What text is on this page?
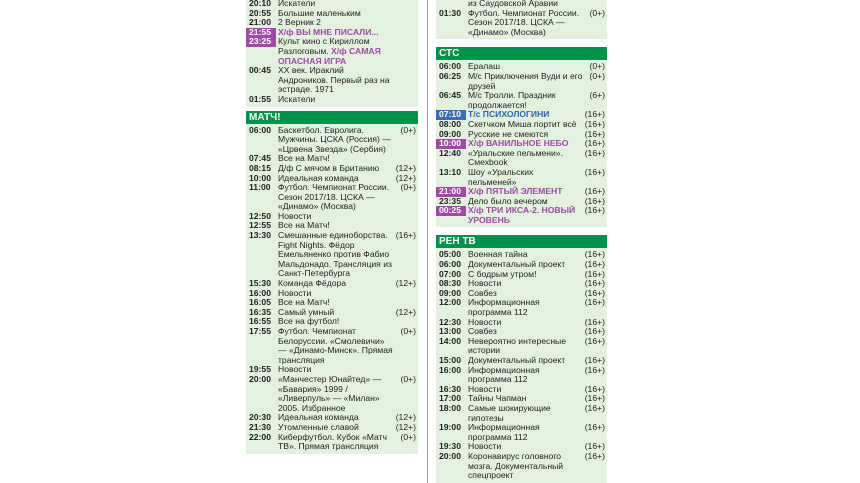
20:10 Искатели
20:55 Большие маленьким
21:00 2 Верник 2
21:55 Х/ф ВЫ МНЕ ПИСАЛИ...
23:25 Культ кино с Кириллом Разлоговым. Х/ф САМАЯ ОПАСНАЯ ИГРА
00:45 XX век. Ираклий Андроников. Первый раз на эстраде. 1971
01:55 Искатели
МАТЧ!
06:00 Баскетбол. Евролига. Мужчины. ЦСКА (Россия) — «Црвена Звезда» (Сербия)
(0+)
07:45 Все на Матч!
08:15 Д/ф С мячом в Британию	(12+)
10:00 Идеальная команда	(12+)
11:00 Футбол. Чемпионат России. Сезон 2017/18. ЦСКА — «Динамо» (Москва)
(0+)
12:50 Новости
12:55 Все на Матч!
13:30 Смешанные единоборства. Fight Nights. Фёдор Емельяненко против Фабио Мальдонадо. Трансляция из Санкт-Петербурга
(16+)
15:30 Команда Фёдора	(12+)
16:00 Новости
16:05 Все на Матч!
16:35 Самый умный	(12+)
16:55 Все на футбол!
17:55 Футбол. Чемпионат Белоруссии. «Смолевичи» — «Динамо-Минск». Прямая трансляция
(0+)
19:55 Новости
20:00 «Манчестер Юнайтед» — «Бавария» 1999 / «Ливерпуль» — «Милан» 2005. Избранное
(0+)
20:30 Идеальная команда	(12+)
21:30 Утомленные славой	(12+)
22:00 Киберфутбол. Кубок «Матч ТВ». Прямая трансляция
(0+)
из Саудовской Аравии
01:30 Футбол. Чемпионат России. Сезон 2017/18. ЦСКА — «Динамо» (Москва)
(0+)
СТС
06:00 Ералаш	(0+)
06:25 М/с Приключения Вуди и его друзей
(0+)
06:45 М/с Тролли. Праздник продолжается!
(6+)
07:10 Т/с ПСИХОЛОГИНИ	(16+)
08:00 Скетчком Миша портит всё (16+)
09:00 Русские не смеются	(16+)
10:00 Х/ф ВАНИЛЬНОЕ НЕБО	(16+)
12:40 «Уральские пельмени». Смехbook
(16+)
13:10 Шоу «Уральских пельменей»
(16+)
21:00 Х/ф ПЯТЫЙ ЭЛЕМЕНТ	(16+)
23:35 Дело было вечером	(16+)
00:25 Х/ф ТРИ ИКСА-2. НОВЫЙ УРОВЕНЬ
(16+)
РЕН ТВ
05:00 Военная тайна	(16+)
06:00 Документальный проект	(16+)
07:00 С бодрым утром!	(16+)
08:30 Новости	(16+)
09:00 Совбез	(16+)
12:00 Информационная программа 112
(16+)
12:30 Новости	(16+)
13:00 Совбез	(16+)
14:00 Невероятно интересные истории
(16+)
15:00 Документальный проект	(16+)
16:00 Информационная программа 112
(16+)
16:30 Новости	(16+)
17:00 Тайны Чапман	(16+)
18:00 Самые шокирующие гипотезы
(16+)
19:00 Информационная программа 112
(16+)
19:30 Новости	(16+)
20:00 Коронавирус головного мозга. Документальный спецпроект
(16+)
